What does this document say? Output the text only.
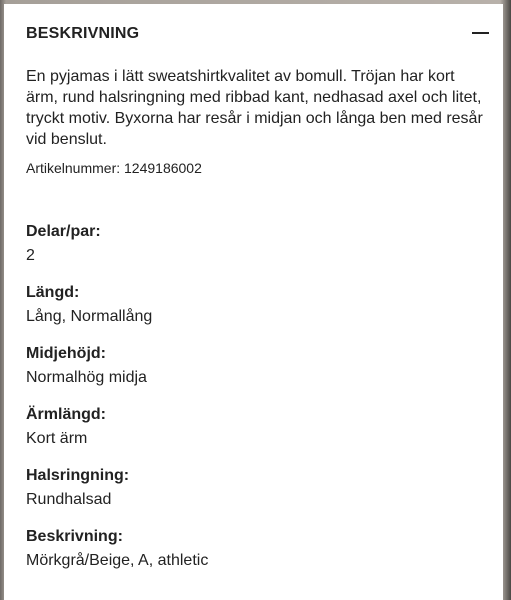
BESKRIVNING
En pyjamas i lätt sweatshirtkvalitet av bomull. Tröjan har kort ärm, rund halsringning med ribbad kant, nedhasad axel och litet, tryckt motiv. Byxorna har resår i midjan och långa ben med resår vid benslut.
Artikelnummer: 1249186002
Delar/par:
2
Längd:
Lång, Normallång
Midjehöjd:
Normalhög midja
Ärmlängd:
Kort ärm
Halsringning:
Rundhalsad
Beskrivning:
Mörkgrå/Beige, A, athletic
